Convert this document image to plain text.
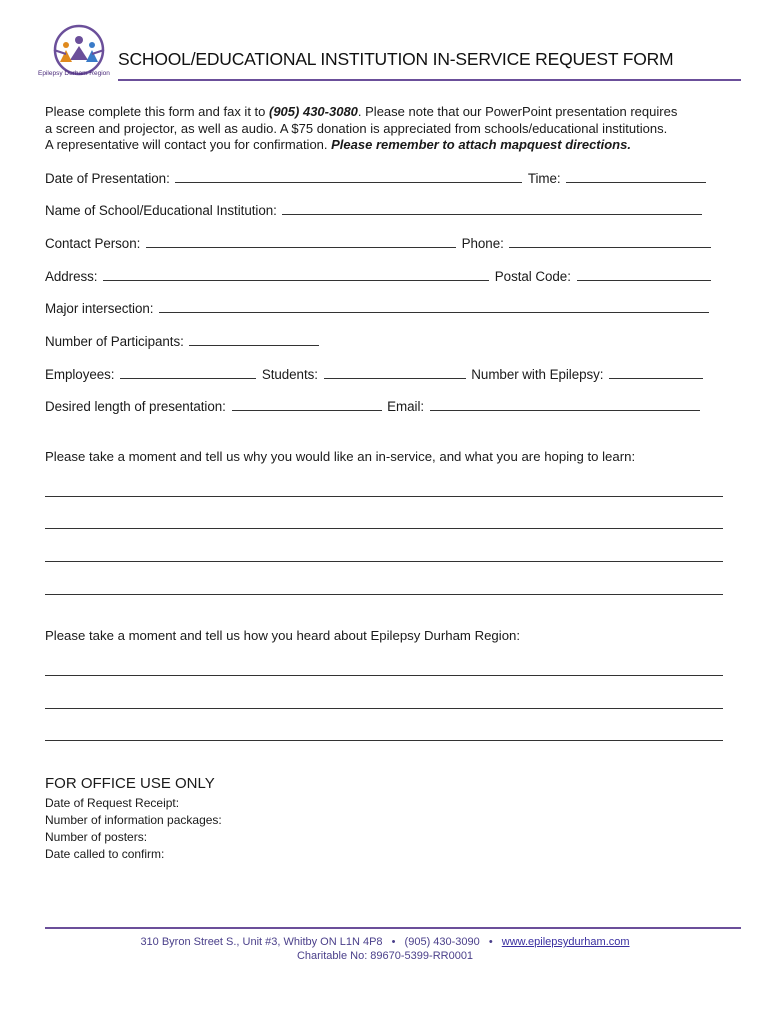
Epilepsy Durham Region
SCHOOL/EDUCATIONAL INSTITUTION IN-SERVICE REQUEST FORM
Please complete this form and fax it to (905) 430-3080. Please note that our PowerPoint presentation requires
a screen and projector, as well as audio. A $75 donation is appreciated from schools/educational institutions.
A representative will contact you for confirmation. Please remember to attach mapquest directions.
Date of Presentation:	Time:
Name of School/Educational Institution:
Contact Person:	Phone:
Address:	Postal Code:
Major intersection:
Number of Participants:
Employees:	Students:	Number with Epilepsy:
Desired length of presentation:	Email:
Please take a moment and tell us why you would like an in-service, and what you are hoping to learn:
Please take a moment and tell us how you heard about Epilepsy Durham Region:
FOR OFFICE USE ONLY
Date of Request Receipt:
Number of information packages:
Number of posters:
Date called to confirm:
310 Byron Street S., Unit #3, Whitby ON L1N 4P8 • (905) 430-3090 • www.epilepsydurham.com
Charitable No: 89670-5399-RR0001
